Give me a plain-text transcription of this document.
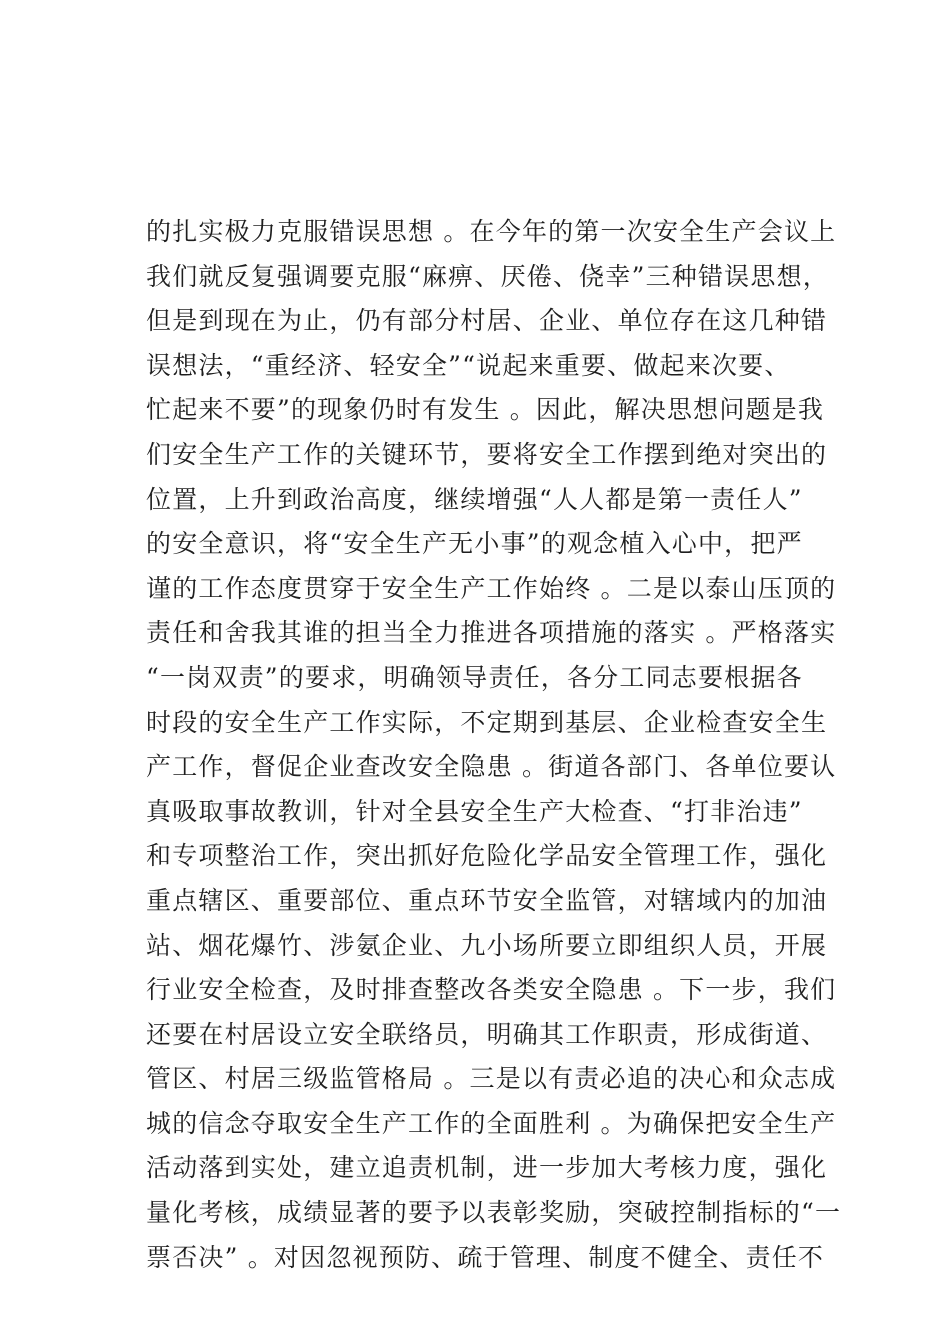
的扎实极力克服错误思想 。在今年的第一次安全生产会议上
我们就反复强调要克服“麻痹、厌倦、侥幸”三种错误思想，
但是到现在为止，仍有部分村居、企业、单位存在这几种错
误想法，“重经济、轻安全”“说起来重要、做起来次要、
忙起来不要”的现象仍时有发生 。因此，解决思想问题是我
们安全生产工作的关键环节，要将安全工作摆到绝对突出的
位置，上升到政治高度，继续增强“人人都是第一责任人”
的安全意识，将“安全生产无小事”的观念植入心中，把严
谨的工作态度贯穿于安全生产工作始终 。二是以泰山压顶的
责任和舍我其谁的担当全力推进各项措施的落实 。严格落实
“一岗双责”的要求，明确领导责任，各分工同志要根据各
时段的安全生产工作实际，不定期到基层、企业检查安全生
产工作，督促企业查改安全隐患 。街道各部门、各单位要认
真吸取事故教训，针对全县安全生产大检查、“打非治违”
和专项整治工作，突出抓好危险化学品安全管理工作，强化
重点辖区、重要部位、重点环节安全监管，对辖域内的加油
站、烟花爆竹、涉氨企业、九小场所要立即组织人员，开展
行业安全检查，及时排查整改各类安全隐患 。下一步，我们
还要在村居设立安全联络员，明确其工作职责，形成街道、
管区、村居三级监管格局 。三是以有责必追的决心和众志成
城的信念夺取安全生产工作的全面胜利 。为确保把安全生产
活动落到实处，建立追责机制，进一步加大考核力度，强化
量化考核，成绩显著的要予以表彰奖励，突破控制指标的“一
票否决” 。对因忽视预防、疏于管理、制度不健全、责任不
